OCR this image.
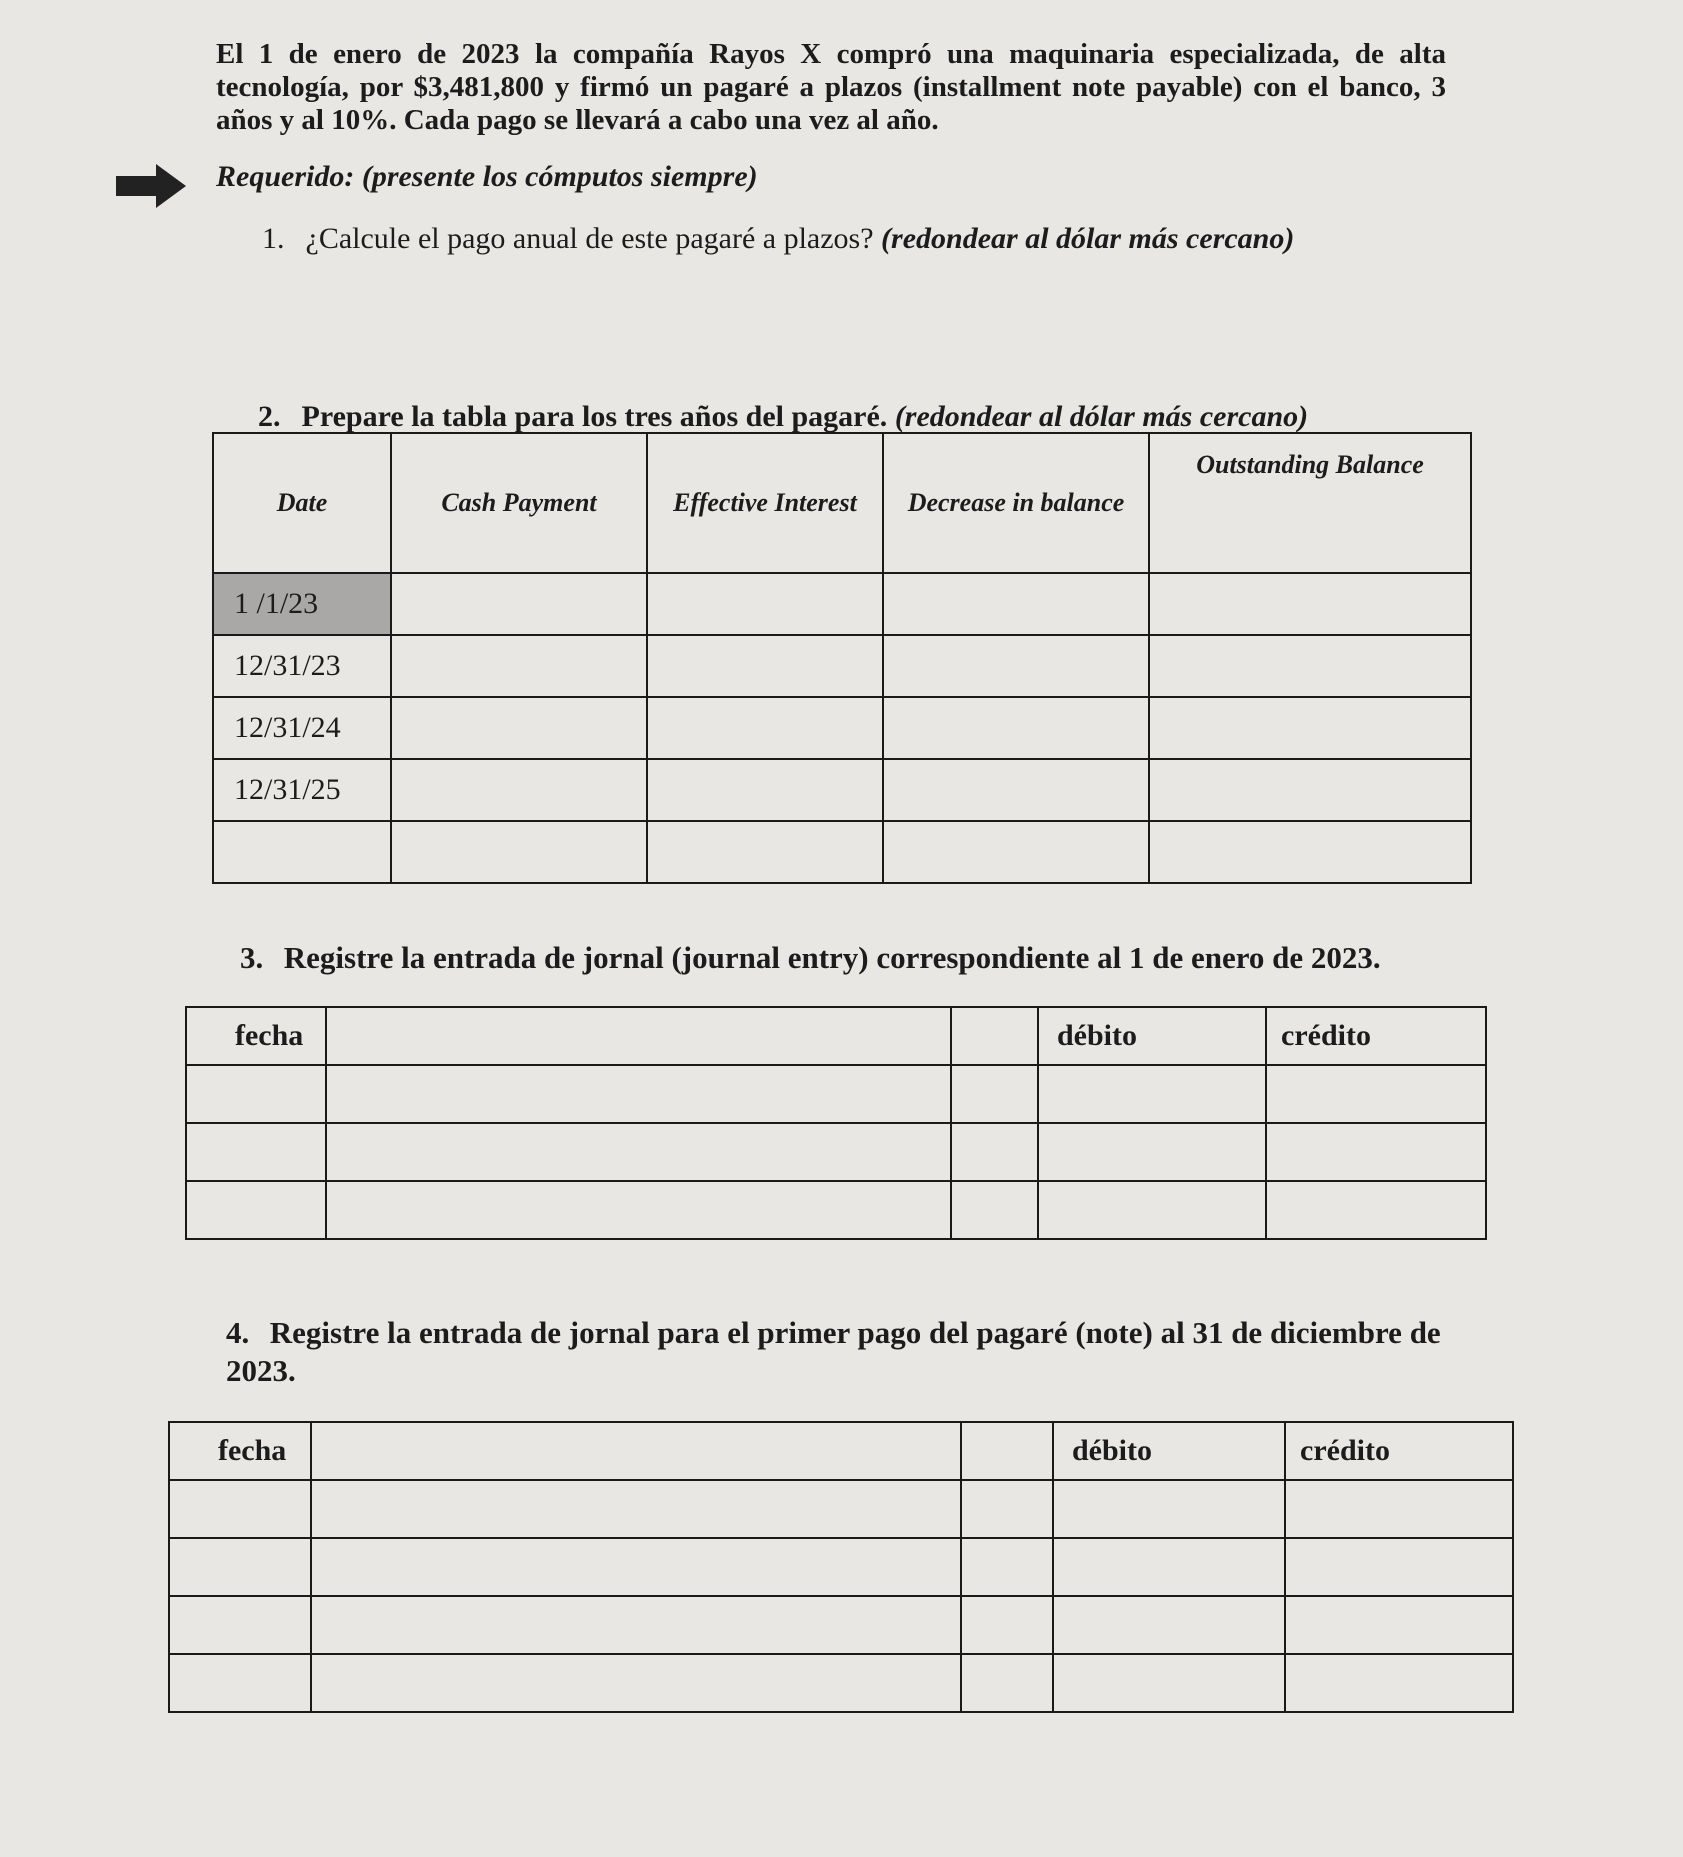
El 1 de enero de 2023 la compañía Rayos X compró una maquinaria especializada, de alta tecnología, por $3,481,800 y firmó un pagaré a plazos (installment note payable) con el banco, 3 años y al 10%. Cada pago se llevará a cabo una vez al año.
Requerido: (presente los cómputos siempre)
1. ¿Calcule el pago anual de este pagaré a plazos? (redondear al dólar más cercano)
2. Prepare la tabla para los tres años del pagaré. (redondear al dólar más cercano)
Date	Cash Payment	Effective Interest	Decrease in balance	Outstanding Balance
1 /1/23				
12/31/23				
12/31/24				
12/31/25				

3. Registre la entrada de jornal (journal entry) correspondiente al 1 de enero de 2023.
fecha			débito	crédito

4. Registre la entrada de jornal para el primer pago del pagaré (note) al 31 de diciembre de 2023.
fecha			débito	crédito
